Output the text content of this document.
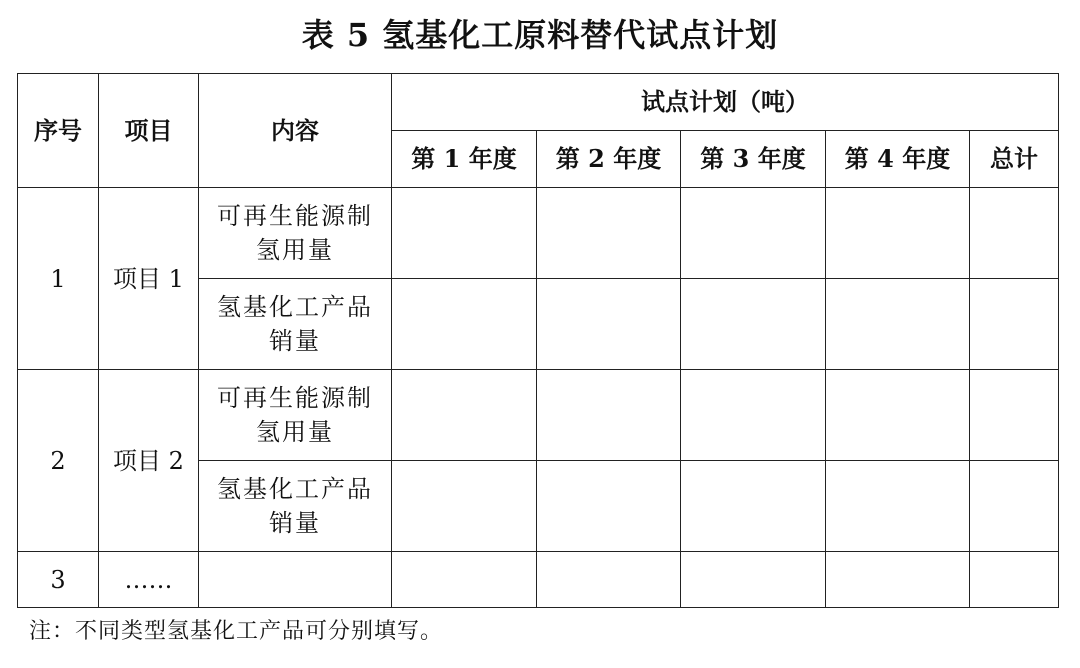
表 5 氢基化工原料替代试点计划
序号	项目	内容	试点计划（吨）				
			第 1 年度	第 2 年度	第 3 年度	第 4 年度	总计
1	项目 1	可再生能源制
氢用量					
		氢基化工产品
销量					
2	项目 2	可再生能源制
氢用量					
		氢基化工产品
销量					
3	……						
注：不同类型氢基化工产品可分别填写。
